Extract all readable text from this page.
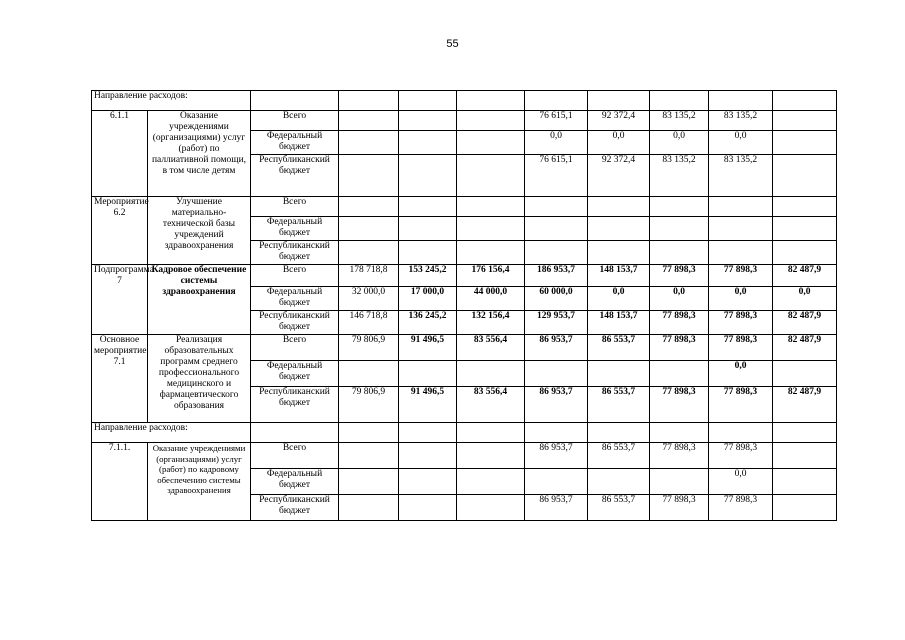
55
Направление расходов:										
6.1.1	Оказание учреждениями (организациями) услуг (работ) по паллиативной помощи, в том числе детям	Всего				76 615,1	92 372,4	83 135,2	83 135,2	
		Федеральный бюджет				0,0	0,0	0,0	0,0	
		Республиканский бюджет				76 615,1	92 372,4	83 135,2	83 135,2	
Мероприятие 6.2	Улучшение материально-технической базы учреждений здравоохранения	Всего								
		Федеральный бюджет								
		Республиканский бюджет								
Подпрограмма 7	Кадровое обеспечение системы здравоохранения	Всего	178 718,8	153 245,2	176 156,4	186 953,7	148 153,7	77 898,3	77 898,3	82 487,9
		Федеральный бюджет	32 000,0	17 000,0	44 000,0	60 000,0	0,0	0,0	0,0	0,0
		Республиканский бюджет	146 718,8	136 245,2	132 156,4	129 953,7	148 153,7	77 898,3	77 898,3	82 487,9
Основное мероприятие 7.1	Реализация образовательных программ среднего профессионального медицинского и фармацевтического образования	Всего	79 806,9	91 496,5	83 556,4	86 953,7	86 553,7	77 898,3	77 898,3	82 487,9
		Федеральный бюджет							0,0	
		Республиканский бюджет	79 806,9	91 496,5	83 556,4	86 953,7	86 553,7	77 898,3	77 898,3	82 487,9
Направление расходов:										
7.1.1.	Оказание учреждениями (организациями) услуг (работ) по кадровому обеспечению системы здравоохранения	Всего				86 953,7	86 553,7	77 898,3	77 898,3	
		Федеральный бюджет							0,0	
		Республиканский бюджет				86 953,7	86 553,7	77 898,3	77 898,3	
